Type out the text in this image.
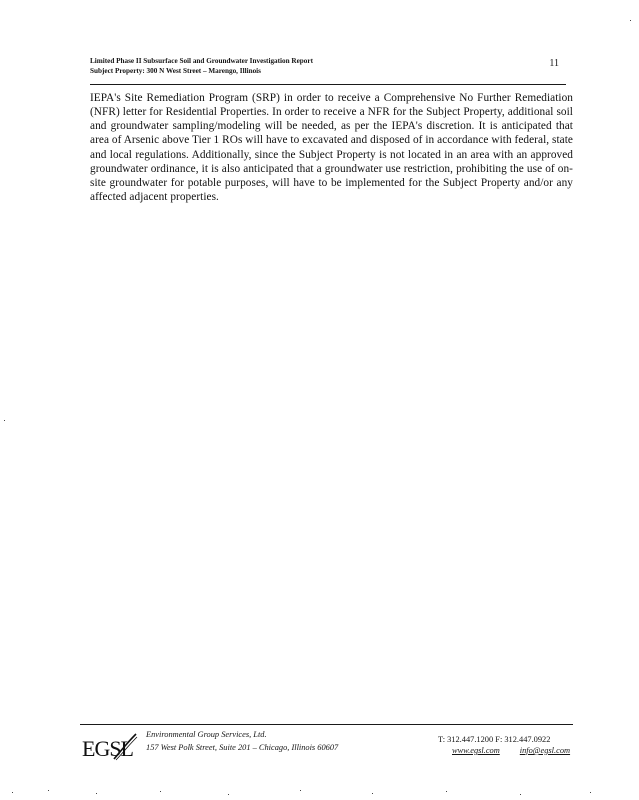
Limited Phase II Subsurface Soil and Groundwater Investigation Report
Subject Property: 300 N West Street – Marengo, Illinois
11

IEPA's Site Remediation Program (SRP) in order to receive a Comprehensive No Further Remediation (NFR) letter for Residential Properties. In order to receive a NFR for the Subject Property, additional soil and groundwater sampling/modeling will be needed, as per the IEPA's discretion. It is anticipated that area of Arsenic above Tier 1 ROs will have to excavated and disposed of in accordance with federal, state and local regulations. Additionally, since the Subject Property is not located in an area with an approved groundwater ordinance, it is also anticipated that a groundwater use restriction, prohibiting the use of on-site groundwater for potable purposes, will have to be implemented for the Subject Property and/or any affected adjacent properties.

EGSL
Environmental Group Services, Ltd.
157 West Polk Street, Suite 201 – Chicago, Illinois 60607
T: 312.447.1200 F: 312.447.0922
www.egsl.com info@egsl.com
